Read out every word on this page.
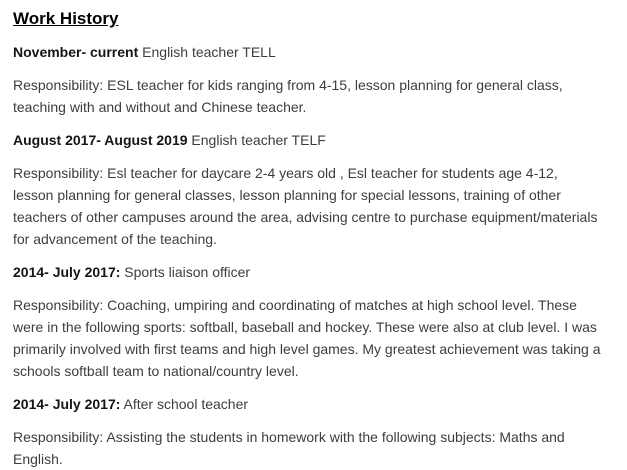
Work History

November- current English teacher TELL

Responsibility: ESL teacher for kids ranging from 4-15, lesson planning for general class, teaching with and without and Chinese teacher.

August 2017- August 2019 English teacher TELF

Responsibility: Esl teacher for daycare 2-4 years old , Esl teacher for students age 4-12, lesson planning for general classes, lesson planning for special lessons, training of other teachers of other campuses around the area, advising centre to purchase equipment/materials for advancement of the teaching.

2014- July 2017: Sports liaison officer

Responsibility: Coaching, umpiring and coordinating of matches at high school level. These were in the following sports: softball, baseball and hockey. These were also at club level. I was primarily involved with first teams and high level games. My greatest achievement was taking a schools softball team to national/country level.

2014- July 2017: After school teacher

Responsibility: Assisting the students in homework with the following subjects: Maths and English.
